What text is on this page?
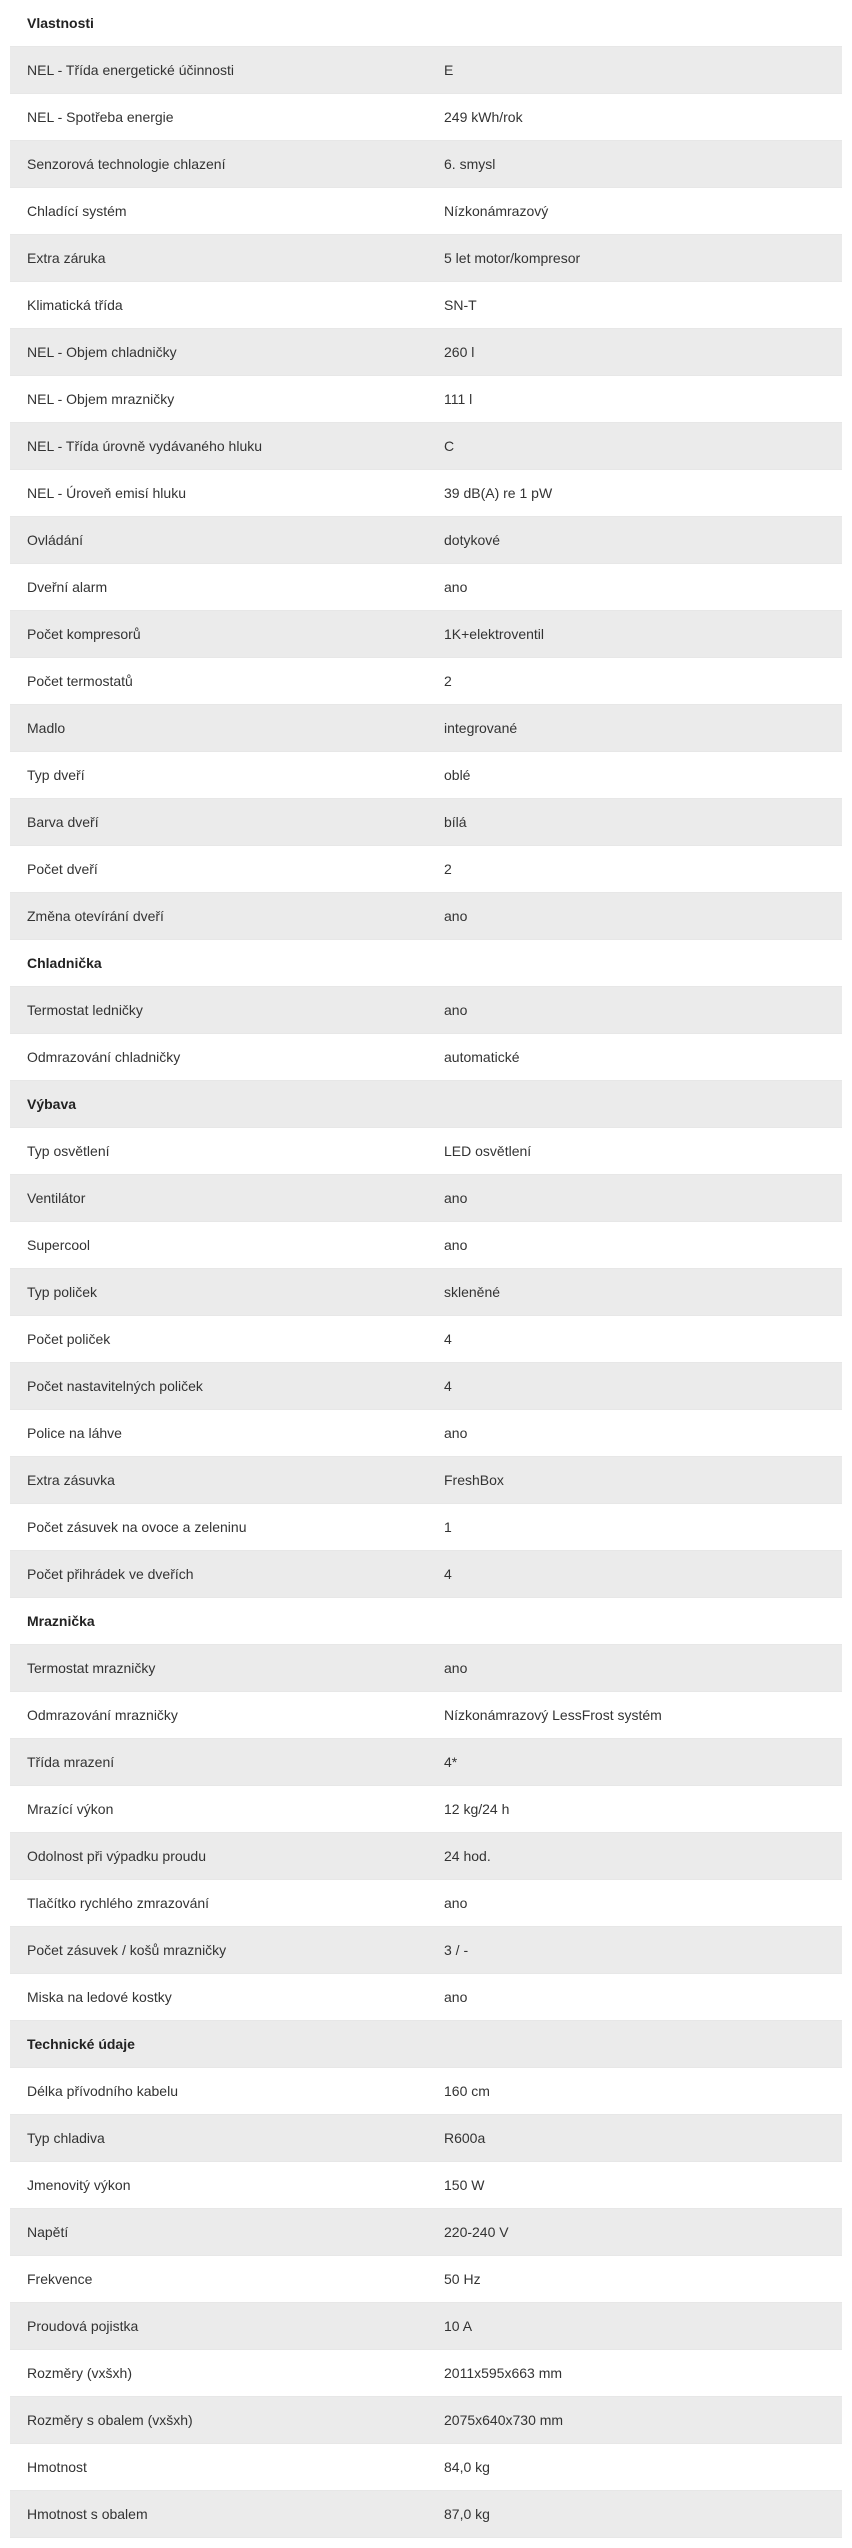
Vlastnosti
NEL - Třída energetické účinnosti	E
NEL - Spotřeba energie	249 kWh/rok
Senzorová technologie chlazení	6. smysl
Chladící systém	Nízkonámrazový
Extra záruka	5 let motor/kompresor
Klimatická třída	SN-T
NEL - Objem chladničky	260 l
NEL - Objem mrazničky	111 l
NEL - Třída úrovně vydávaného hluku	C
NEL - Úroveň emisí hluku	39 dB(A) re 1 pW
Ovládání	dotykové
Dveřní alarm	ano
Počet kompresorů	1K+elektroventil
Počet termostatů	2
Madlo	integrované
Typ dveří	oblé
Barva dveří	bílá
Počet dveří	2
Změna otevírání dveří	ano
Chladnička
Termostat ledničky	ano
Odmrazování chladničky	automatické
Výbava
Typ osvětlení	LED osvětlení
Ventilátor	ano
Supercool	ano
Typ poliček	skleněné
Počet poliček	4
Počet nastavitelných poliček	4
Police na láhve	ano
Extra zásuvka	FreshBox
Počet zásuvek na ovoce a zeleninu	1
Počet přihrádek ve dveřích	4
Mraznička
Termostat mrazničky	ano
Odmrazování mrazničky	Nízkonámrazový LessFrost systém
Třída mrazení	4*
Mrazící výkon	12 kg/24 h
Odolnost při výpadku proudu	24 hod.
Tlačítko rychlého zmrazování	ano
Počet zásuvek / košů mrazničky	3 / -
Miska na ledové kostky	ano
Technické údaje
Délka přívodního kabelu	160 cm
Typ chladiva	R600a
Jmenovitý výkon	150 W
Napětí	220-240 V
Frekvence	50 Hz
Proudová pojistka	10 A
Rozměry (vxšxh)	2011x595x663 mm
Rozměry s obalem (vxšxh)	2075x640x730 mm
Hmotnost	84,0 kg
Hmotnost s obalem	87,0 kg
